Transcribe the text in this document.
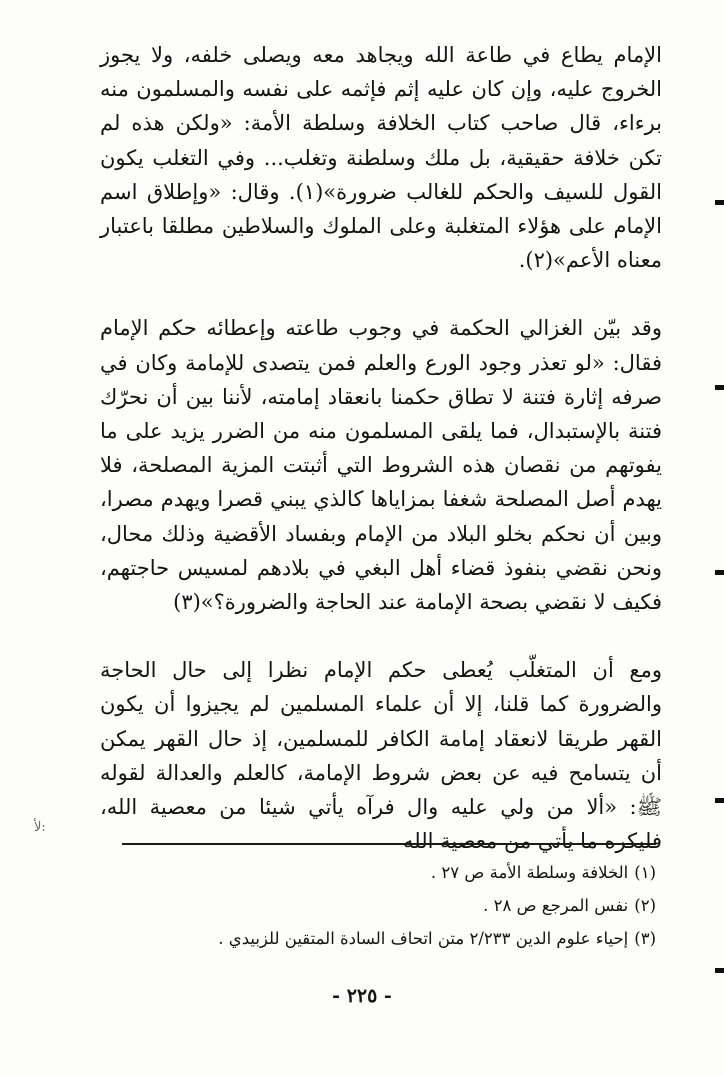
الإمام يطاع في طاعة الله ويجاهد معه ويصلى خلفه، ولا يجوز الخروج عليه، وإن كان عليه إثم فإثمه على نفسه والمسلمون منه برءاء، قال صاحب كتاب الخلافة وسلطة الأمة: «ولكن هذه لم تكن خلافة حقيقية، بل ملك وسلطنة وتغلب... وفي التغلب يكون القول للسيف والحكم للغالب ضرورة»(١). وقال: «وإطلاق اسم الإمام على هؤلاء المتغلبة وعلى الملوك والسلاطين مطلقا باعتبار معناه الأعم»(٢).

وقد بيّن الغزالي الحكمة في وجوب طاعته وإعطائه حكم الإمام فقال: «لو تعذر وجود الورع والعلم فمن يتصدى للإمامة وكان في صرفه إثارة فتنة لا تطاق حكمنا بانعقاد إمامته، لأننا بين أن نحرّك فتنة بالإستبدال، فما يلقى المسلمون منه من الضرر يزيد على ما يفوتهم من نقصان هذه الشروط التي أثبتت المزية المصلحة، فلا يهدم أصل المصلحة شغفا بمزاياها كالذي يبني قصرا ويهدم مصرا، وبين أن نحكم بخلو البلاد من الإمام وبفساد الأقضية وذلك محال، ونحن نقضي بنفوذ قضاء أهل البغي في بلادهم لمسيس حاجتهم، فكيف لا نقضي بصحة الإمامة عند الحاجة والضرورة؟»(٣)

ومع أن المتغلّب يُعطى حكم الإمام نظرا إلى حال الحاجة والضرورة كما قلنا، إلا أن علماء المسلمين لم يجيزوا أن يكون القهر طريقا لانعقاد إمامة الكافر للمسلمين، إذ حال القهر يمكن أن يتسامح فيه عن بعض شروط الإمامة، كالعلم والعدالة لقوله ﷺ: «ألا من ولي عليه وال فرآه يأتي شيئا من معصية الله، فليكره ما يأتي من معصية الله

(١)
الخلافة وسلطة الأمة ص ٢٧ .
(٢)
نفس المرجع ص ٢٨ .
(٣)
إحياء علوم الدين ٢/٢٣٣ متن اتحاف السادة المتقين للزبيدي .
- ٢٢٥ -
ﻷ:
